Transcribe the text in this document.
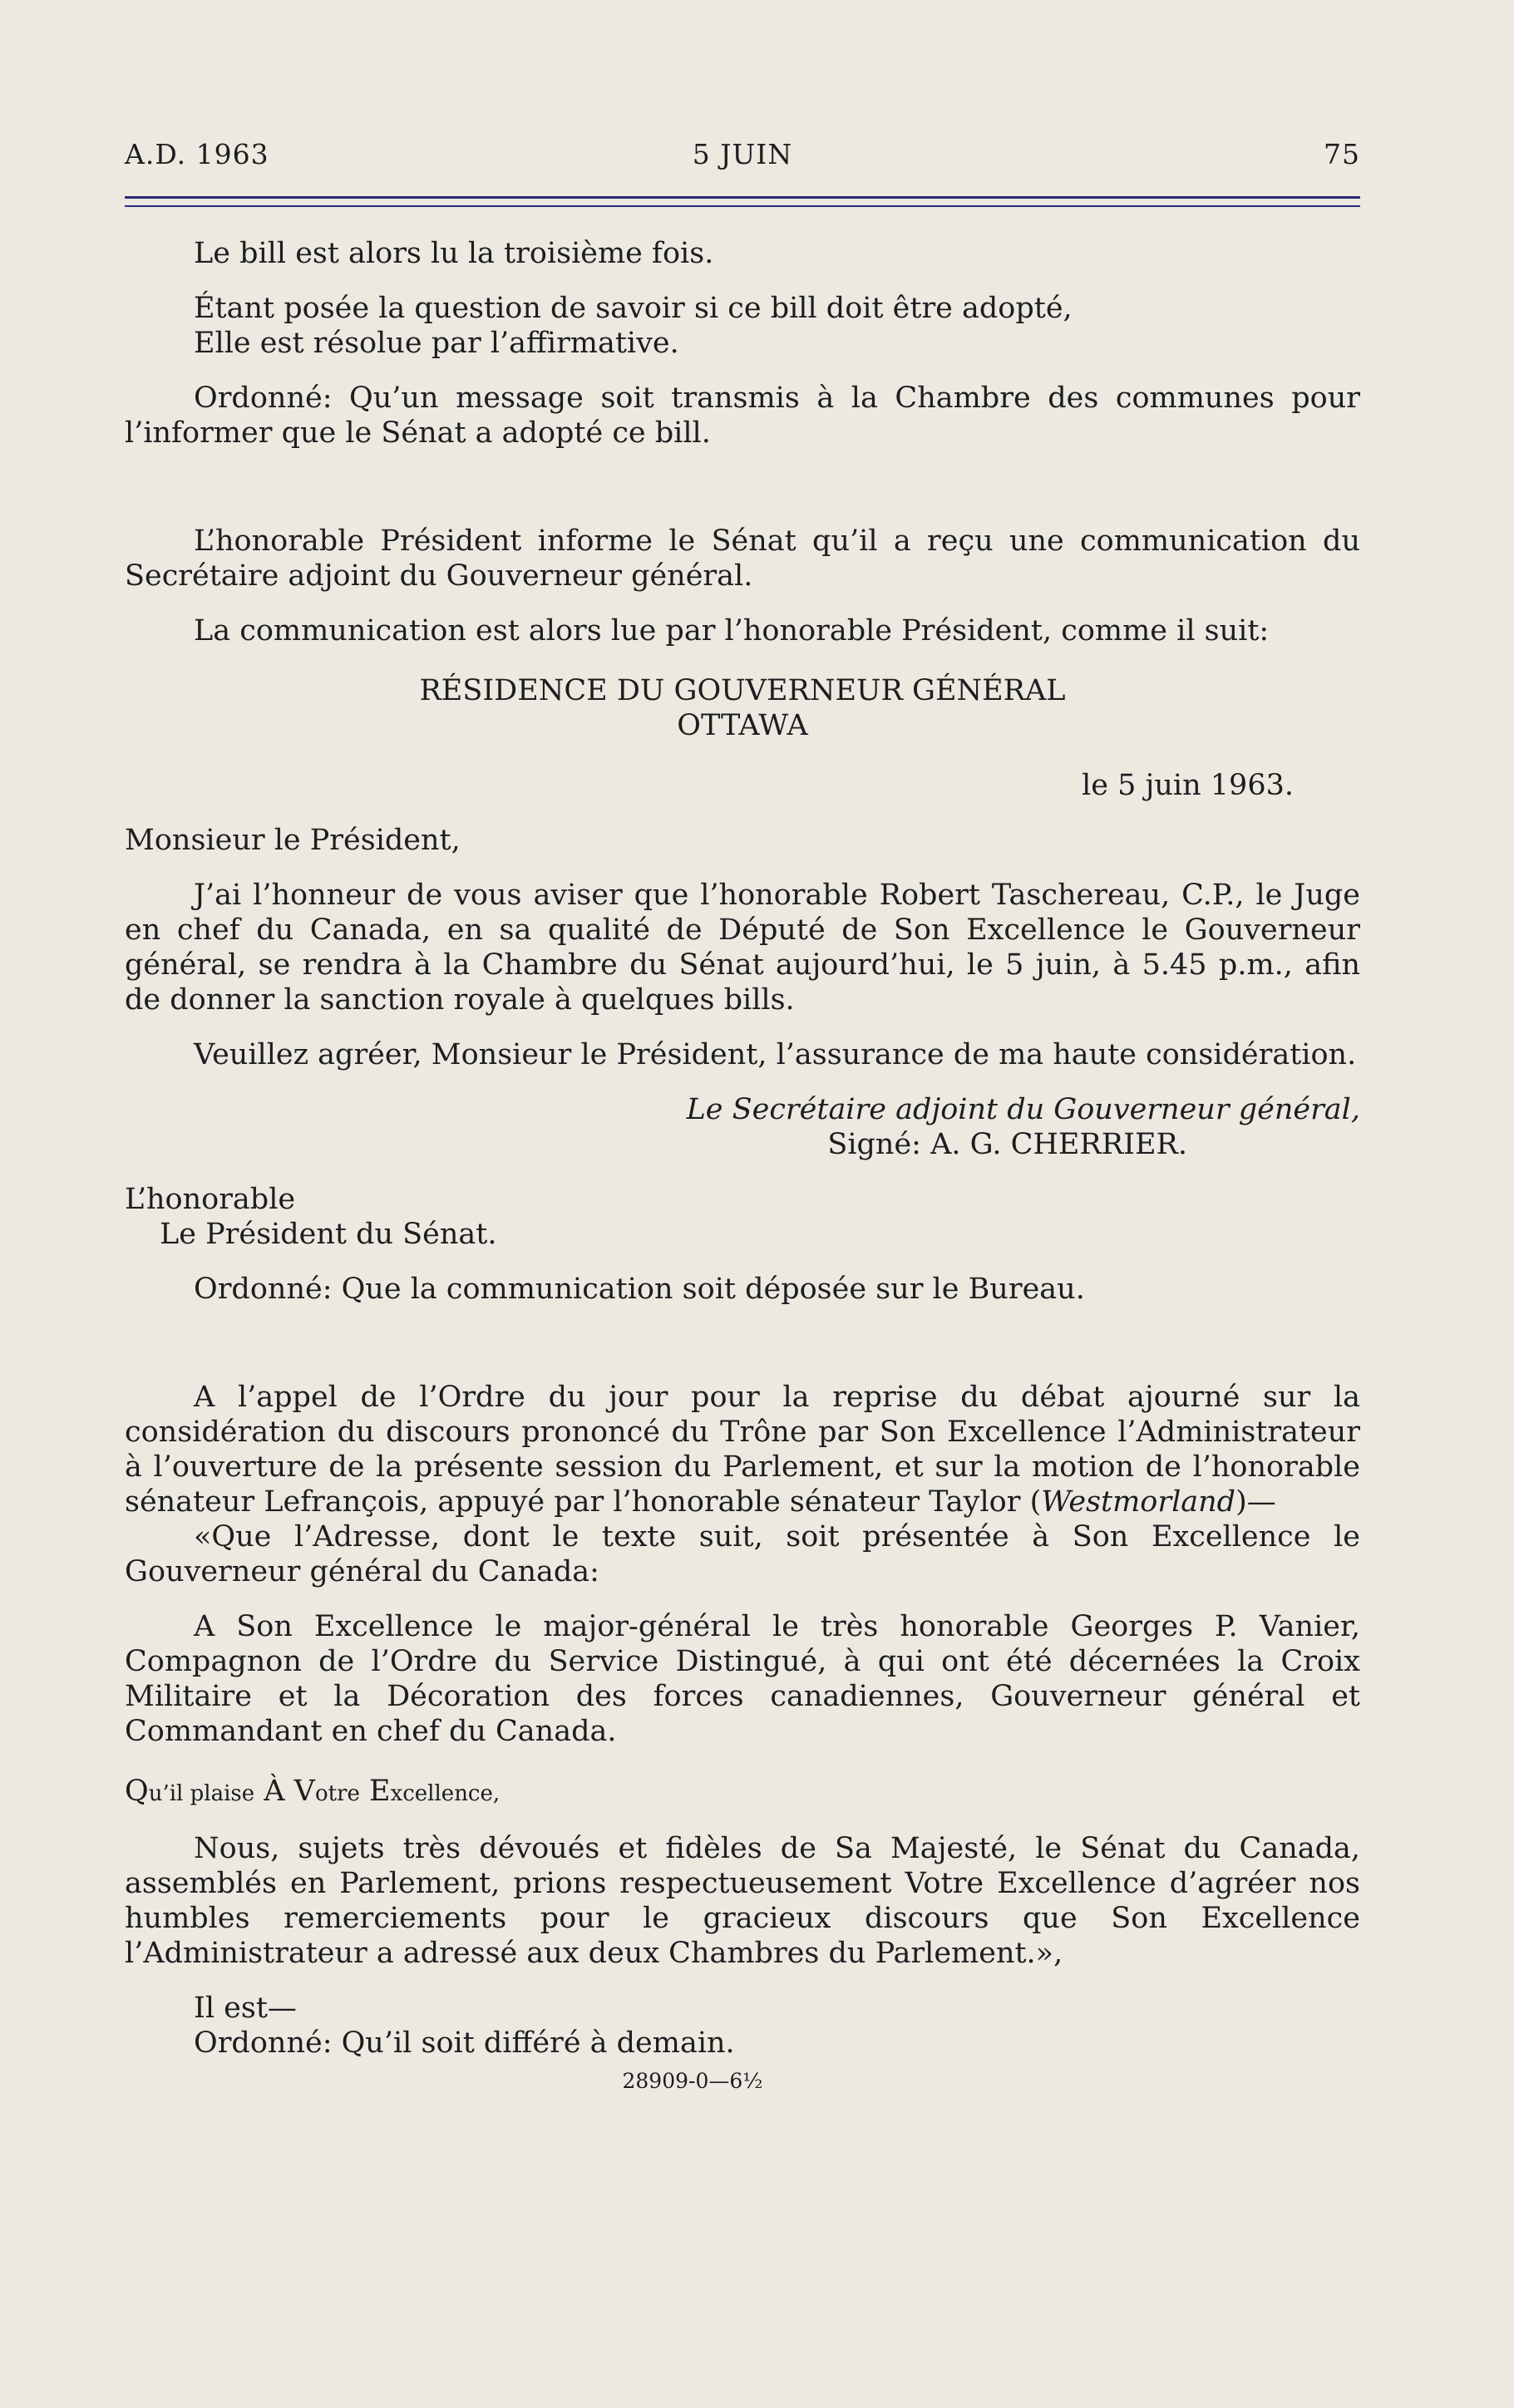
A.D. 1963	5 JUIN	75

Le bill est alors lu la troisième fois.

Étant posée la question de savoir si ce bill doit être adopté,

Elle est résolue par l’affirmative.

Ordonné: Qu’un message soit transmis à la Chambre des communes pour l’informer que le Sénat a adopté ce bill.

L’honorable Président informe le Sénat qu’il a reçu une communication du Secrétaire adjoint du Gouverneur général.

La communication est alors lue par l’honorable Président, comme il suit:

RÉSIDENCE DU GOUVERNEUR GÉNÉRAL

OTTAWA

le 5 juin 1963.

Monsieur le Président,

J’ai l’honneur de vous aviser que l’honorable Robert Taschereau, C.P., le Juge en chef du Canada, en sa qualité de Député de Son Excellence le Gouverneur général, se rendra à la Chambre du Sénat aujourd’hui, le 5 juin, à 5.45 p.m., afin de donner la sanction royale à quelques bills.

Veuillez agréer, Monsieur le Président, l’assurance de ma haute considération.

Le Secrétaire adjoint du Gouverneur général,

Signé: A. G. CHERRIER.

L’honorable

Le Président du Sénat.

Ordonné: Que la communication soit déposée sur le Bureau.

A l’appel de l’Ordre du jour pour la reprise du débat ajourné sur la considération du discours prononcé du Trône par Son Excellence l’Administrateur à l’ouverture de la présente session du Parlement, et sur la motion de l’honorable sénateur Lefrançois, appuyé par l’honorable sénateur Taylor (Westmorland)—

«Que l’Adresse, dont le texte suit, soit présentée à Son Excellence le Gouverneur général du Canada:

A Son Excellence le major-général le très honorable Georges P. Vanier, Compagnon de l’Ordre du Service Distingué, à qui ont été décernées la Croix Militaire et la Décoration des forces canadiennes, Gouverneur général et Commandant en chef du Canada.

Qu’il plaise À Votre Excellence,

Nous, sujets très dévoués et fidèles de Sa Majesté, le Sénat du Canada, assemblés en Parlement, prions respectueusement Votre Excellence d’agréer nos humbles remerciements pour le gracieux discours que Son Excellence l’Administrateur a adressé aux deux Chambres du Parlement.»,

Il est—

Ordonné: Qu’il soit différé à demain.

28909-0—6½
